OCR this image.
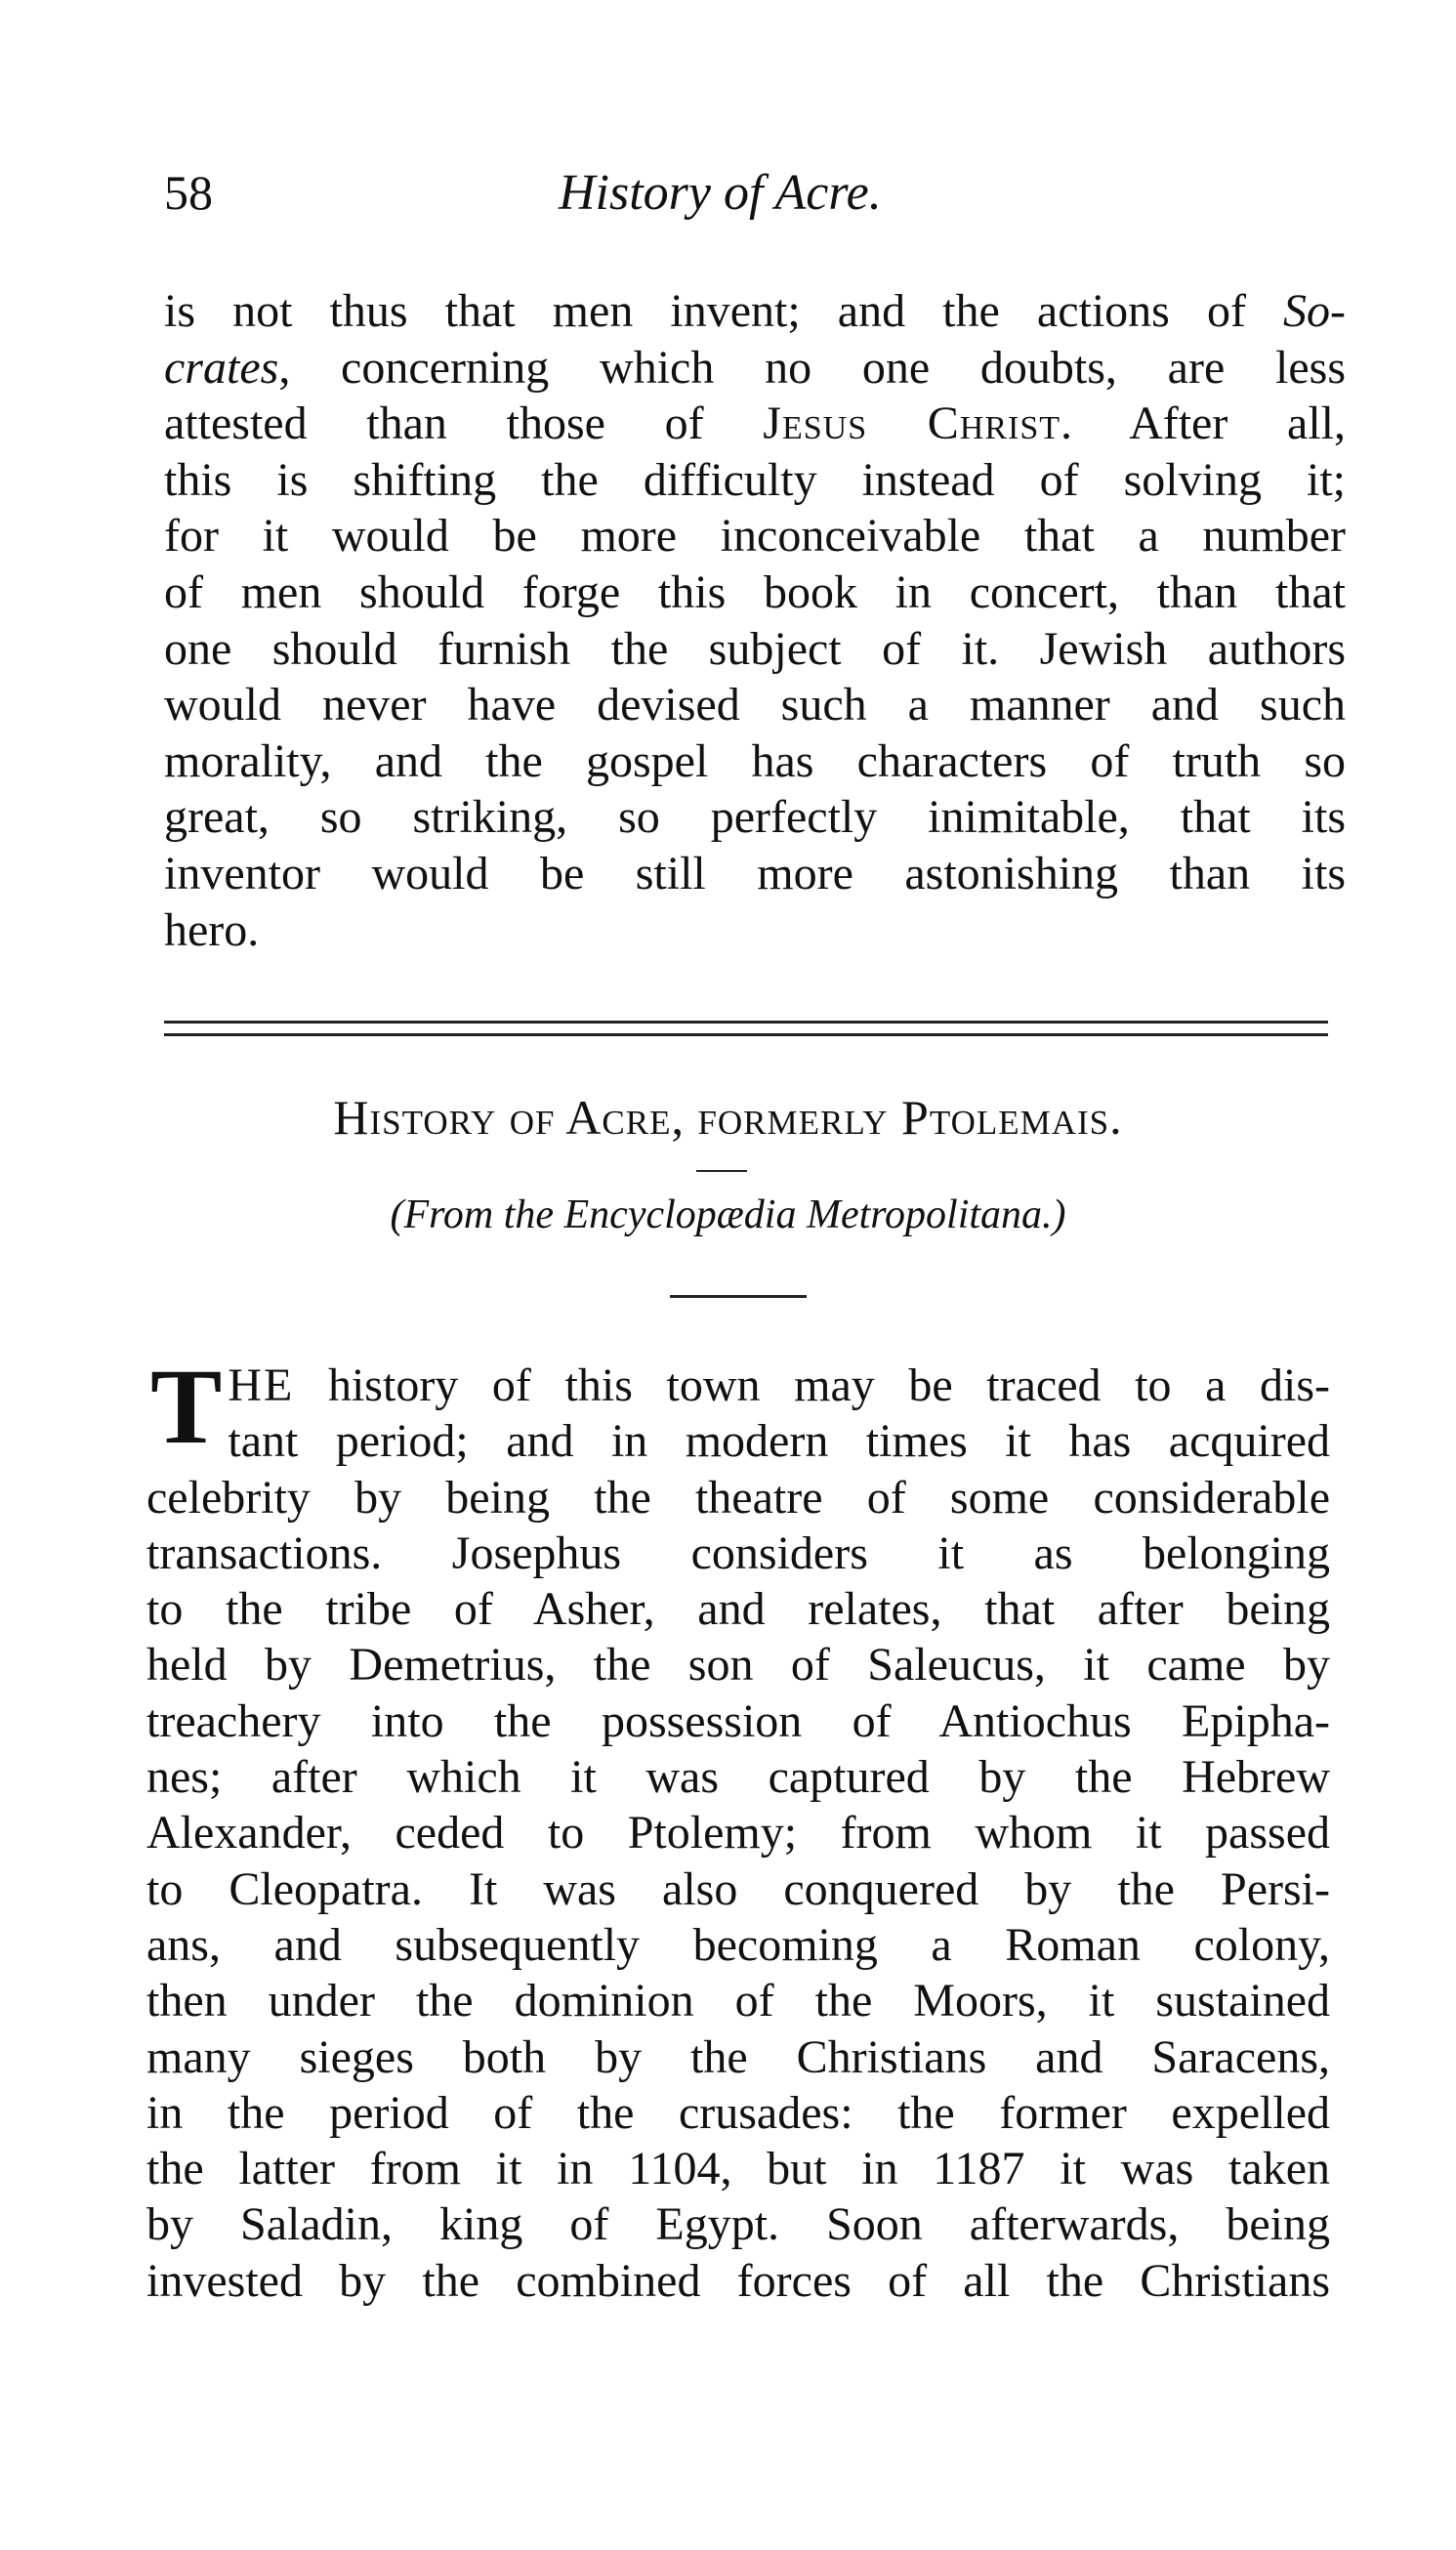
58	History of Acre.
is not thus that men invent; and the actions of So-
crates, concerning which no one doubts, are less
attested than those of Jesus Christ. After all,
this is shifting the difficulty instead of solving it;
for it would be more inconceivable that a number
of men should forge this book in concert, than that
one should furnish the subject of it. Jewish authors
would never have devised such a manner and such
morality, and the gospel has characters of truth so
great, so striking, so perfectly inimitable, that its
inventor would be still more astonishing than its
hero.
History of Acre, formerly Ptolemais.
(From the Encyclopædia Metropolitana.)
THE history of this town may be traced to a dis-
tant period; and in modern times it has acquired
celebrity by being the theatre of some considerable
transactions. Josephus considers it as belonging
to the tribe of Asher, and relates, that after being
held by Demetrius, the son of Saleucus, it came by
treachery into the possession of Antiochus Epipha-
nes; after which it was captured by the Hebrew
Alexander, ceded to Ptolemy; from whom it passed
to Cleopatra. It was also conquered by the Persi-
ans, and subsequently becoming a Roman colony,
then under the dominion of the Moors, it sustained
many sieges both by the Christians and Saracens,
in the period of the crusades: the former expelled
the latter from it in 1104, but in 1187 it was taken
by Saladin, king of Egypt. Soon afterwards, being
invested by the combined forces of all the Christians
